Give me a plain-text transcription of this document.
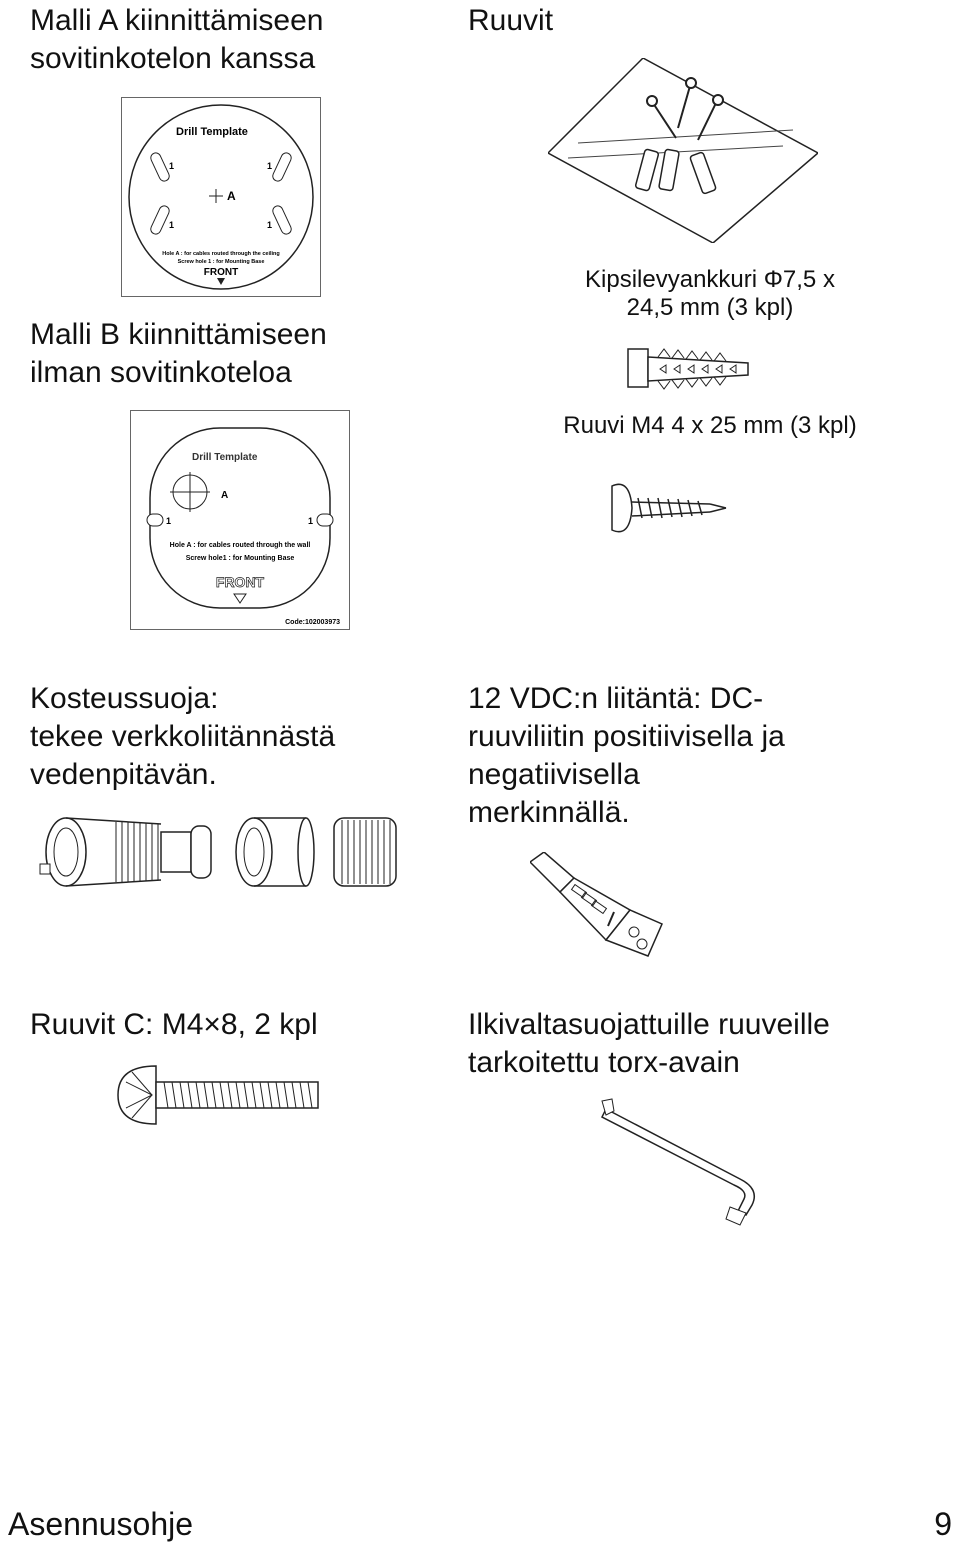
Malli A kiinnittämiseen
sovitinkotelon kanssa

Ruuvit

Drill Template
A
1	1
1	1
Hole A : for cables routed through the ceiling
Screw hole 1 : for Mounting Base
FRONT

Malli B kiinnittämiseen
ilman sovitinkoteloa

Kipsilevyankkuri Φ7,5 x 24,5 mm (3 kpl)

Ruuvi M4 4 x 25 mm (3 kpl)

Drill Template
A
1	1
Hole A : for cables routed through the wall
Screw hole1 : for Mounting Base
FRONT
Code:102003973

Kosteussuoja:
tekee verkkoliitännästä
vedenpitävän.

12 VDC:n liitäntä: DC-
ruuviliitin positiivisella ja
negatiivisella
merkinnällä.

Ruuvit C: M4×8, 2 kpl	Ilkivaltasuojattuille ruuveille
tarkoitettu torx-avain

Asennusohje	9
